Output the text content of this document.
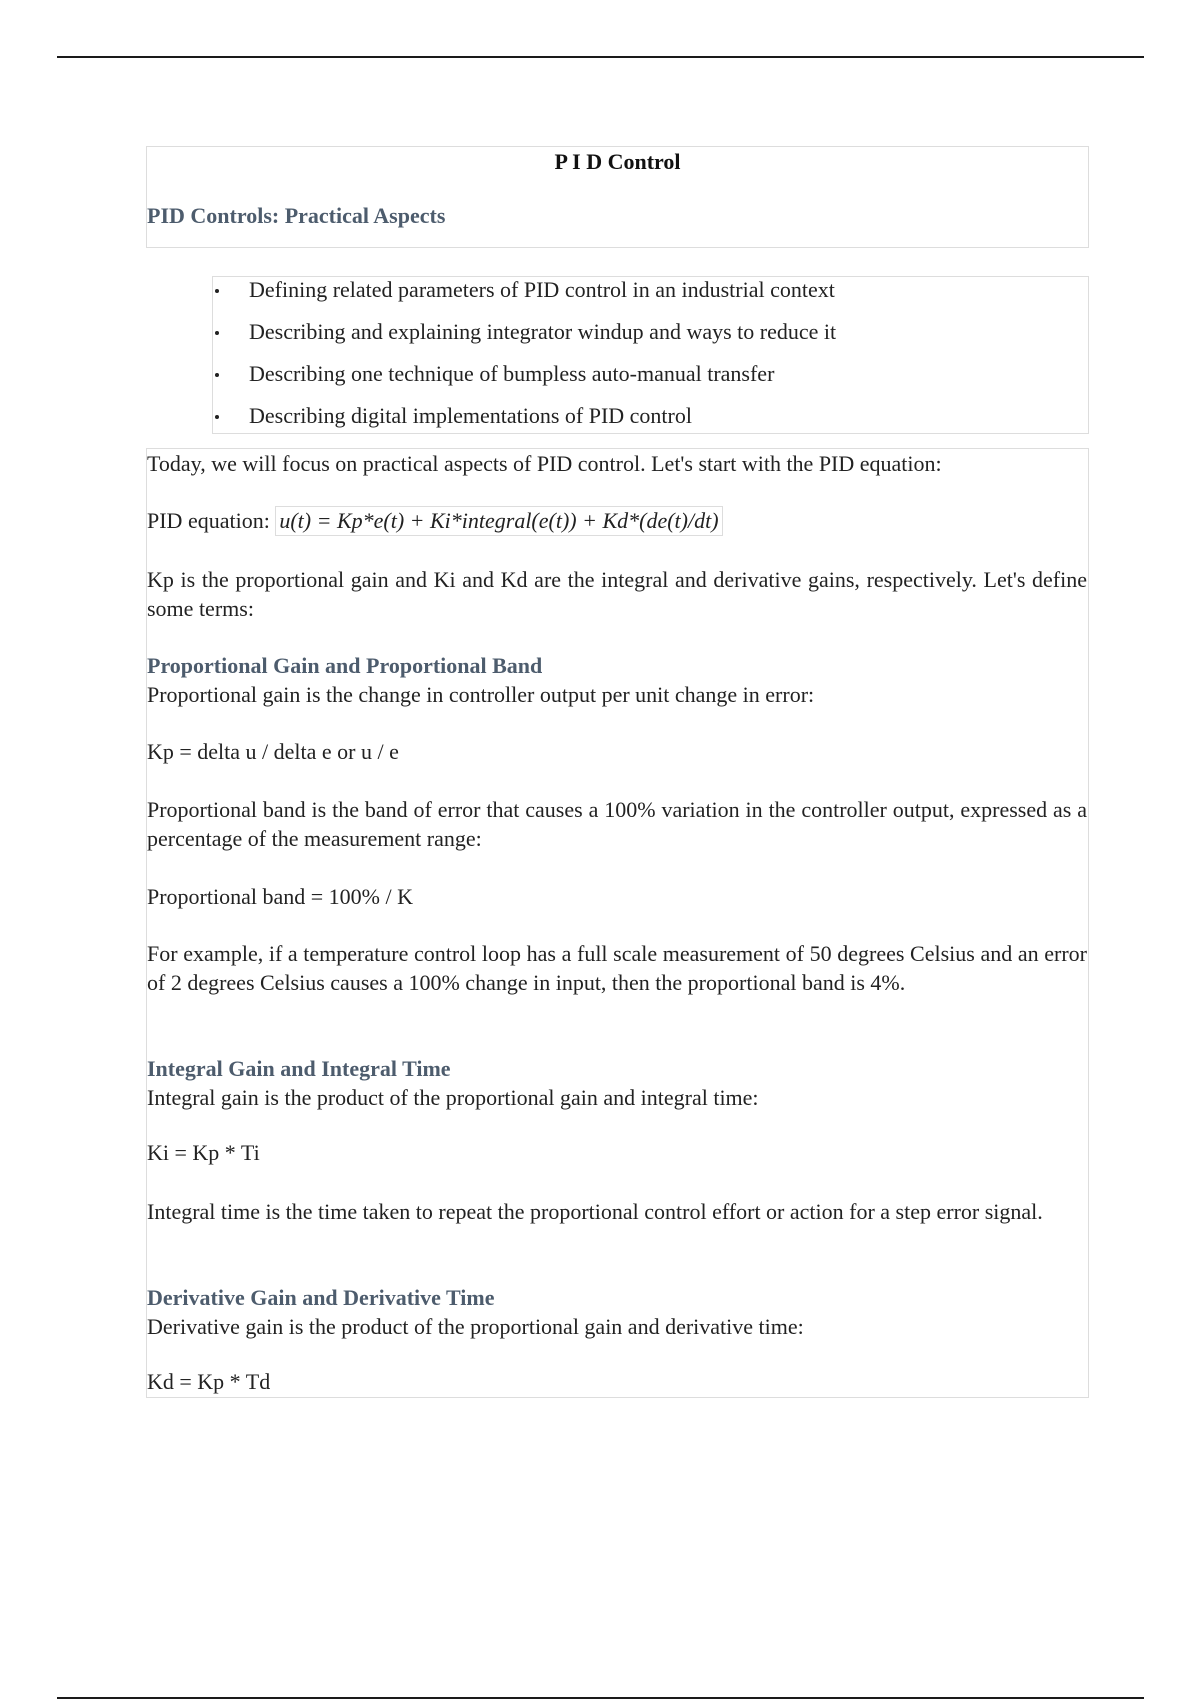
P I D Control
PID Controls: Practical Aspects
Defining related parameters of PID control in an industrial context
Describing and explaining integrator windup and ways to reduce it
Describing one technique of bumpless auto-manual transfer
Describing digital implementations of PID control
Today, we will focus on practical aspects of PID control. Let's start with the PID equation:
PID equation: u(t) = Kp*e(t) + Ki*integral(e(t)) + Kd*(de(t)/dt)
Kp is the proportional gain and Ki and Kd are the integral and derivative gains, respectively. Let's define some terms:
Proportional Gain and Proportional Band
Proportional gain is the change in controller output per unit change in error:
Kp = delta u / delta e or u / e
Proportional band is the band of error that causes a 100% variation in the controller output, expressed as a percentage of the measurement range:
Proportional band = 100% / K
For example, if a temperature control loop has a full scale measurement of 50 degrees Celsius and an error of 2 degrees Celsius causes a 100% change in input, then the proportional band is 4%.
Integral Gain and Integral Time
Integral gain is the product of the proportional gain and integral time:
Ki = Kp * Ti
Integral time is the time taken to repeat the proportional control effort or action for a step error signal.
Derivative Gain and Derivative Time
Derivative gain is the product of the proportional gain and derivative time:
Kd = Kp * Td
